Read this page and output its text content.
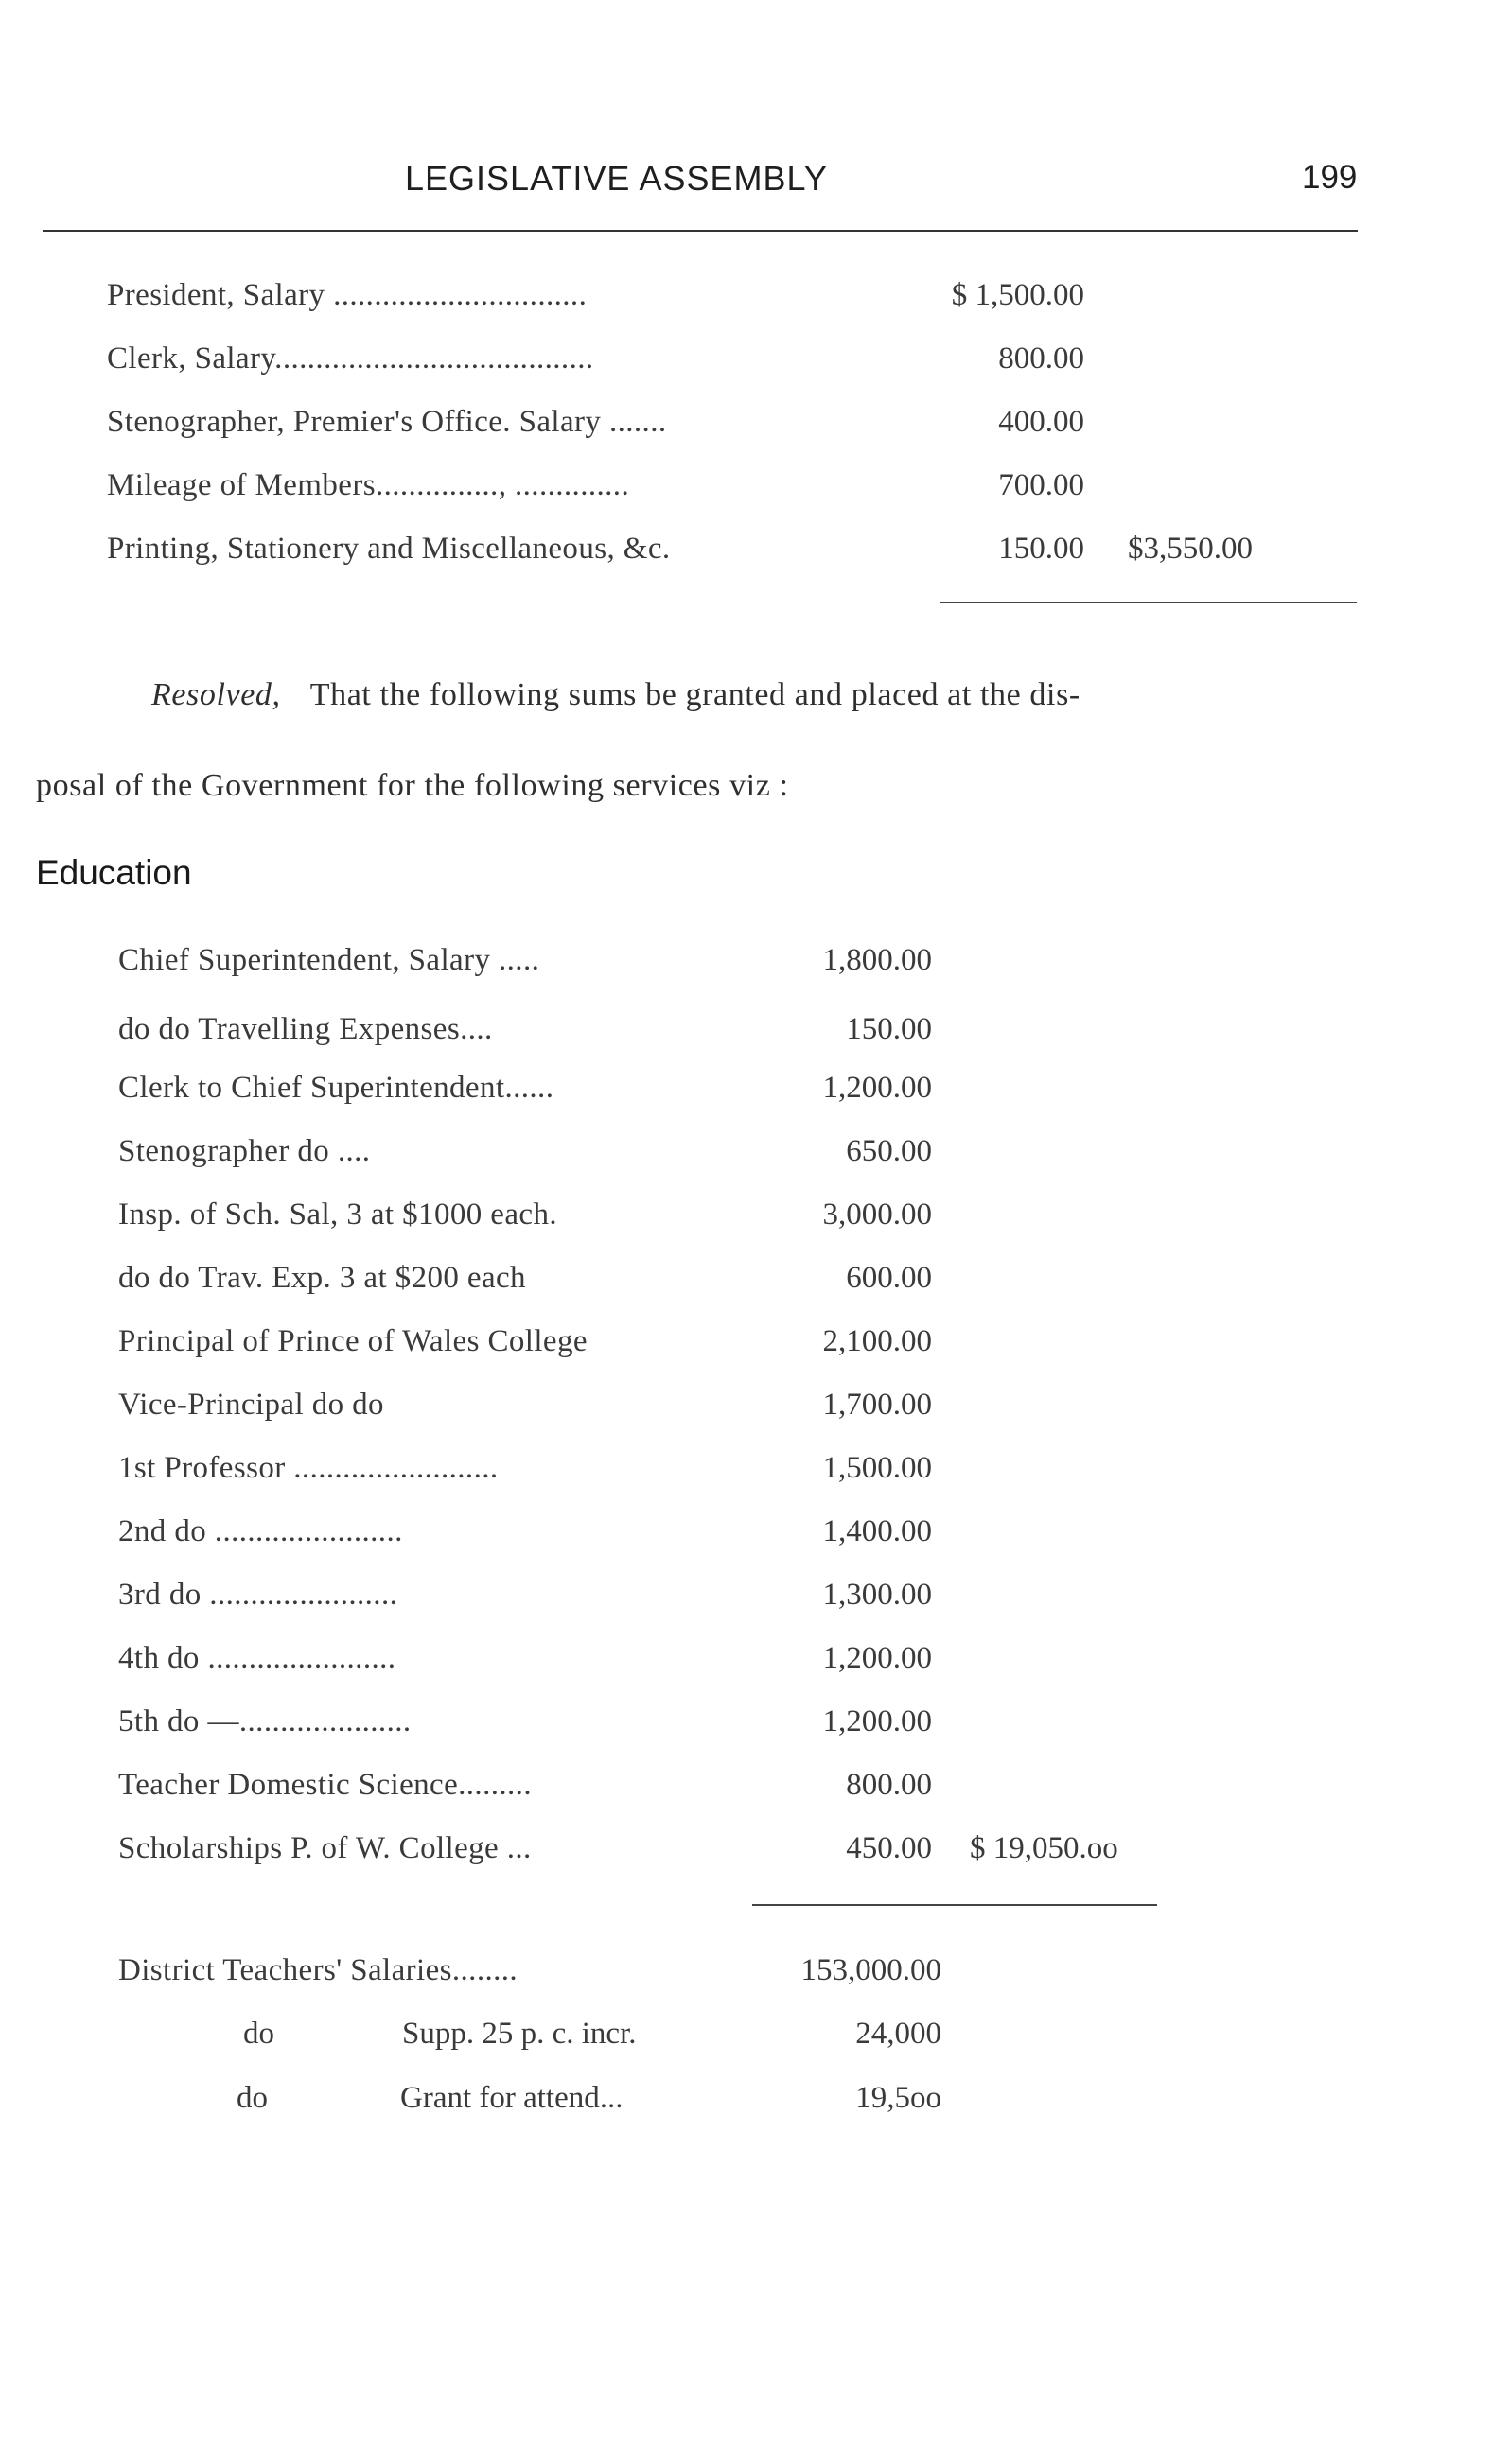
LEGISLATIVE ASSEMBLY	199
President, Salary ...............................	$ 1,500.00
Clerk, Salary.......................................	800.00
Stenographer, Premier's Office. Salary .......	400.00
Mileage of Members..............., ..............	700.00
Printing, Stationery and Miscellaneous, &c.	150.00 $3,550.00
Resolved, That the following sums be granted and placed at the dis-
posal of the Government for the following services viz :
Education
Chief Superintendent, Salary .....	1,800.00
do do Travelling Expenses....	150.00
Clerk to Chief Superintendent......	1,200.00
Stenographer do ....	650.00
Insp. of Sch. Sal, 3 at $1000 each.	3,000.00
do do Trav. Exp. 3 at $200 each	600.00
Principal of Prince of Wales College	2,100.00
Vice-Principal do do	1,700.00
1st Professor .........................	1,500.00
2nd do .......................	1,400.00
3rd do .......................	1,300.00
4th do .......................	1,200.00
5th do —.....................	1,200.00
Teacher Domestic Science.........	800.00
Scholarships P. of W. College ...	450.00 $ 19,050.oo
District Teachers' Salaries........	153,000.00
do	Supp. 25 p. c. incr.	24,000
do	Grant for attend...	19,5oo
